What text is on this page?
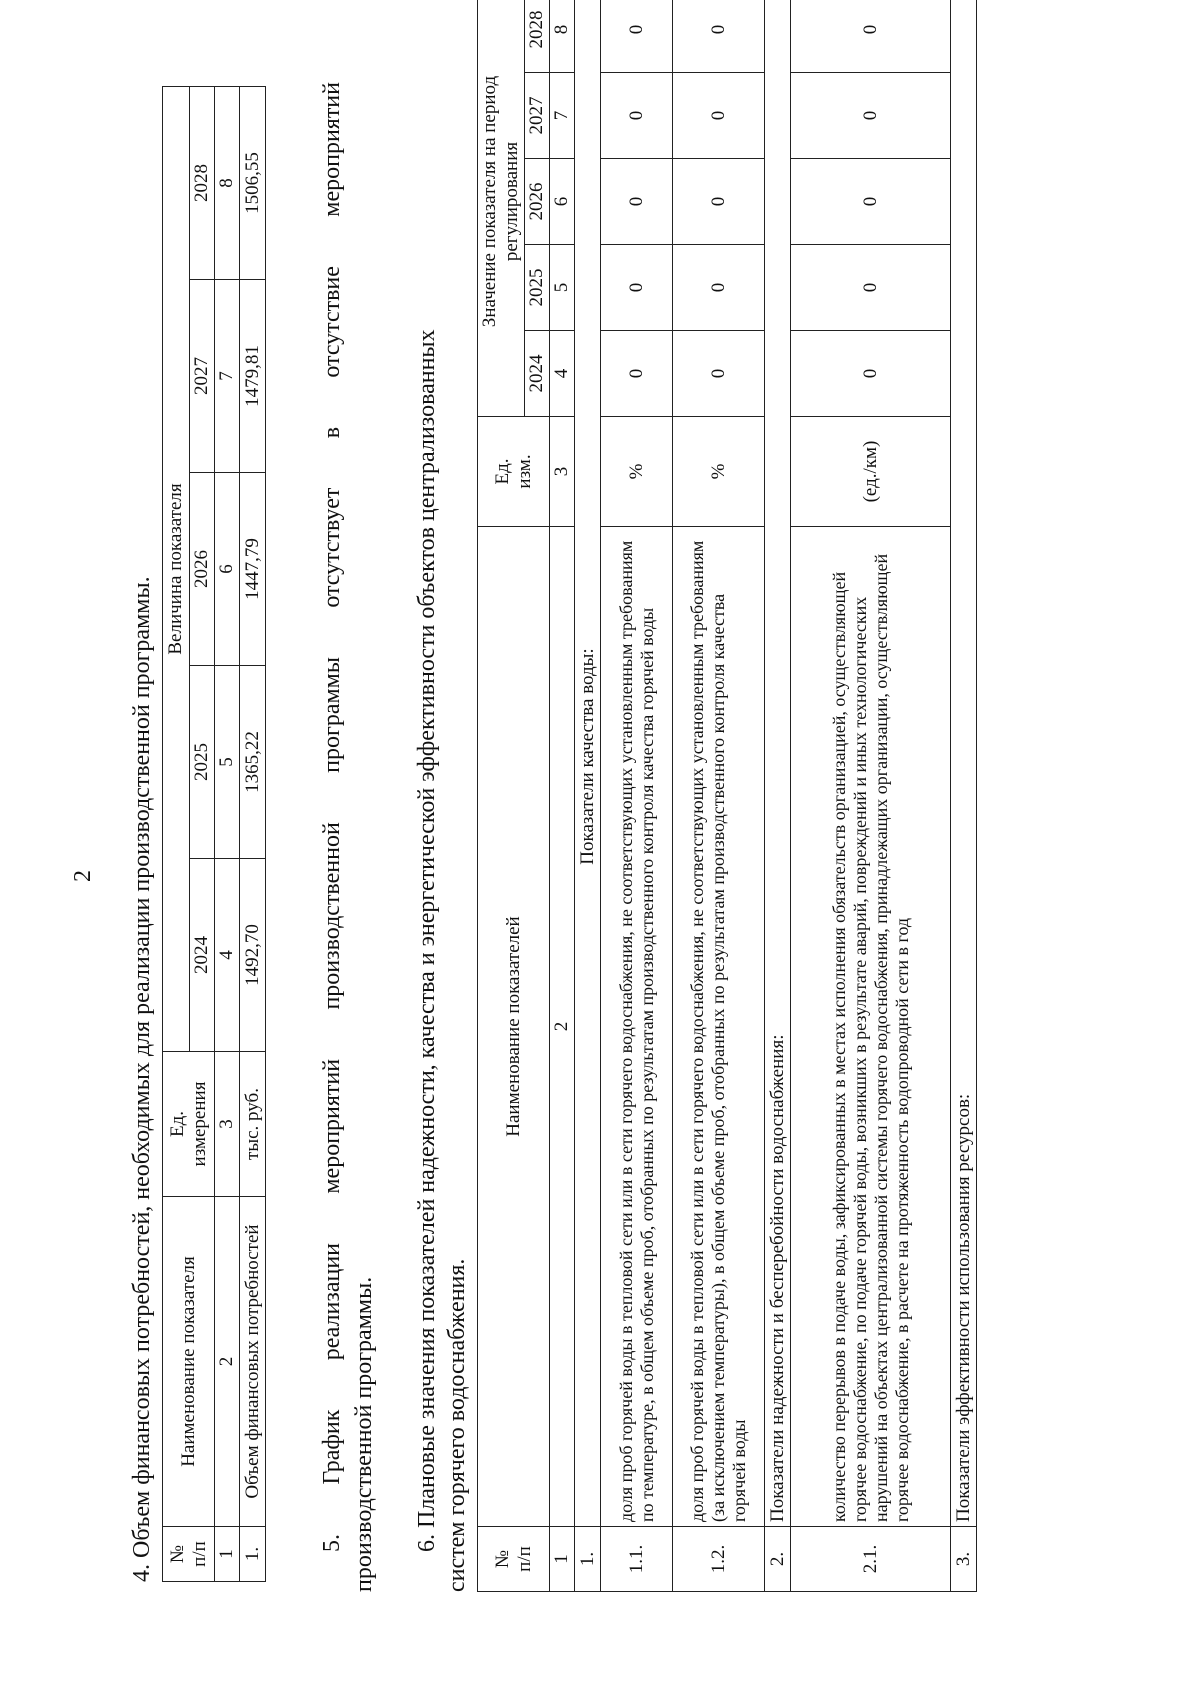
2 4. Объем финансовых потребностей, необходимых для реализации производственной программы. №
п/п	Наименование показателя	Ед.
измерения	Величина показателя				
			2024	2025	2026	2027	2028
1	2	3	4	5	6	7	8
1.	Объем финансовых потребностей	тыс. руб.	1492,70	1365,22	1447,79	1479,81	1506,55 5.   График   реализации   мероприятий   производственной   программы   отсутствует   в   отсутствие   мероприятий производственной программы. 6. Плановые значения показателей надежности, качества и энергетической эффективности объектов централизованных систем горячего водоснабжения. №
п/п	Наименование показателей	Ед.
изм.	Значение показателя на период
регулирования				
			2024	2025	2026	2027	2028
1	2	3	4	5	6	7	8
1.	Показатели качества воды:						
1.1.	доля проб горячей воды в тепловой сети или в сети горячего водоснабжения, не соответствующих установленным требованиям по температуре, в общем объеме проб, отобранных по результатам производственного контроля качества горячей воды	%	0	0	0	0	0
1.2.	доля проб горячей воды в тепловой сети или в сети горячего водоснабжения, не соответствующих установленным требованиям (за исключением температуры), в общем объеме проб, отобранных по результатам производственного контроля качества горячей воды	%	0	0	0	0	0
2.	Показатели надежности и бесперебойности водоснабжения:						
2.1.	количество перерывов в подаче воды, зафиксированных в местах исполнения обязательств организацией, осуществляющей горячее водоснабжение, по подаче горячей воды, возникших в результате аварий, повреждений и иных технологических нарушений на объектах централизованной системы горячего водоснабжения, принадлежащих организации, осуществляющей горячее водоснабжение, в расчете на протяженность водопроводной сети в год	(ед./км)	0	0	0	0	0
3.	Показатели эффективности использования ресурсов:						
